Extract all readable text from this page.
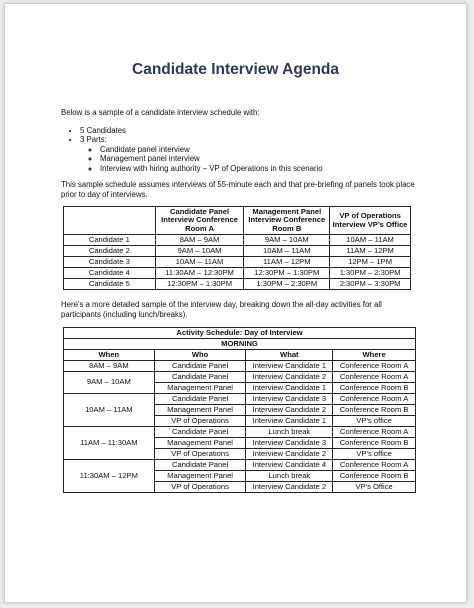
Candidate Interview Agenda
Below is a sample of a candidate interview schedule with:
• 5 Candidates
• 3 Parts:
◦ Candidate panel interview
◦ Management panel interview
◦ Interview with hiring authority – VP of Operations in this scenario
This sample schedule assumes interviews of 55-minute each and that pre-briefing of panels took place prior to day of interviews.
	Candidate Panel Interview Conference Room A	Management Panel Interview Conference Room B	VP of Operations Interview VP’s Office
Candidate 1	8AM – 9AM	9AM – 10AM	10AM – 11AM
Candidate 2	9AM – 10AM	10AM – 11AM	11AM – 12PM
Candidate 3	10AM – 11AM	11AM – 12PM	12PM – 1PM
Candidate 4	11:30AM – 12:30PM	12:30PM – 1:30PM	1:30PM – 2:30PM
Candidate 5	12:30PM – 1:30PM	1:30PM – 2:30PM	2:30PM – 3:30PM
Here’s a more detailed sample of the interview day, breaking down the all-day activities for all participants (including lunch/breaks).
Activity Schedule: Day of Interview			
MORNING			
When	Who	What	Where
8AM – 9AM	Candidate Panel	Interview Candidate 1	Conference Room A
9AM – 10AM	Candidate Panel	Interview Candidate 2	Conference Room A
	Management Panel	Interview Candidate 1	Conference Room B
10AM – 11AM	Candidate Panel	Interview Candidate 3	Conference Room A
	Management Panel	Interview Candidate 2	Conference Room B
	VP of Operations	Interview Candidate 1	VP’s office
11AM – 11:30AM	Candidate Panel	Lunch break	Conference Room A
	Management Panel	Interview Candidate 3	Conference Room B
	VP of Operations	Interview Candidate 2	VP’s office
11:30AM – 12PM	Candidate Panel	Interview Candidate 4	Conference Room A
	Management Panel	Lunch break	Conference Room B
	VP of Operations	Interview Candidate 2	VP’s Office
